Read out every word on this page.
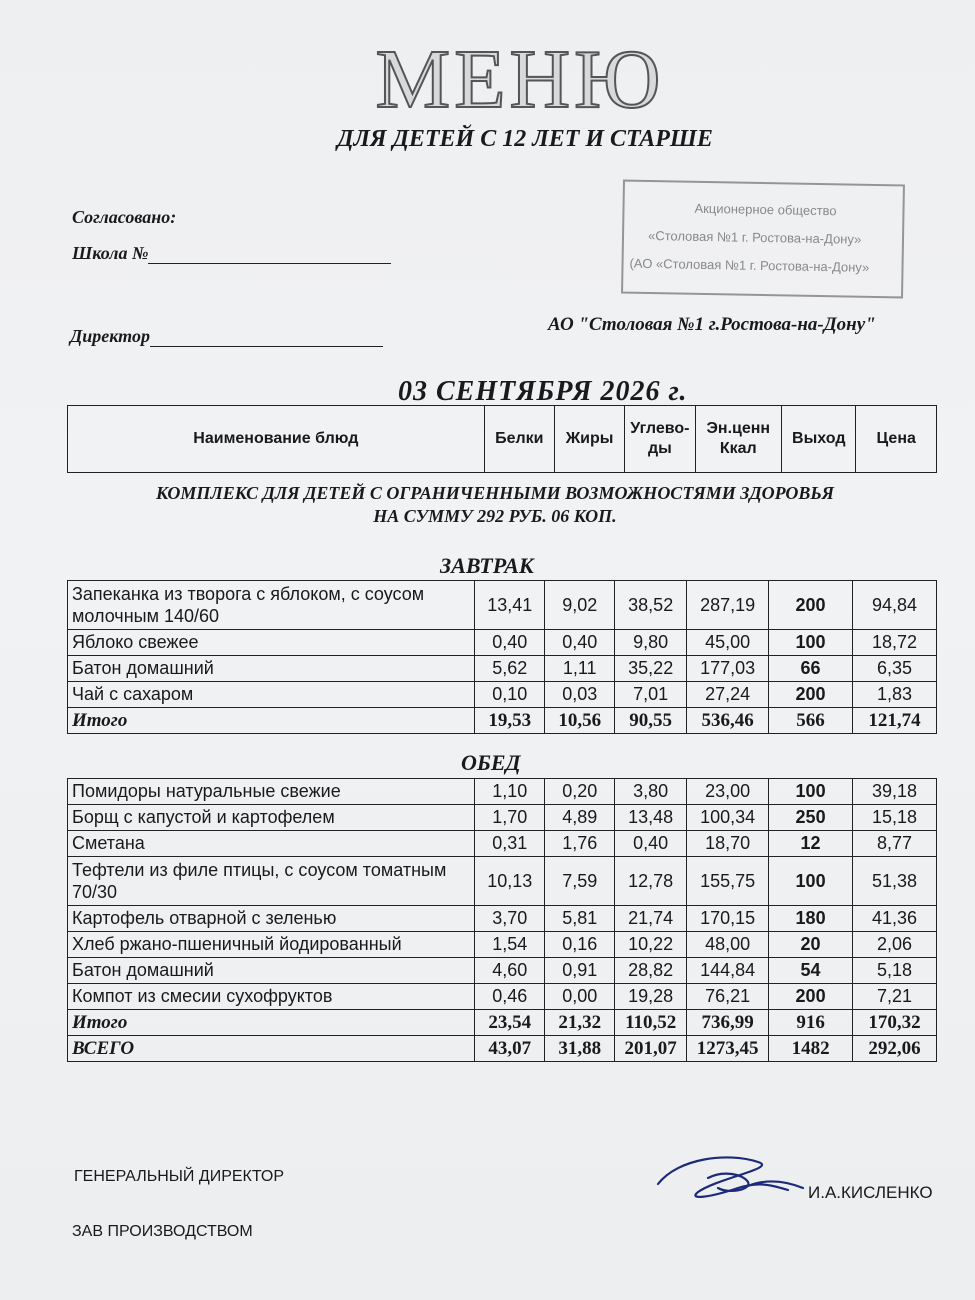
МЕНЮ
ДЛЯ ДЕТЕЙ С 12 ЛЕТ И СТАРШЕ
Согласовано:
Школа №
Директор
Акционерное общество
«Столовая №1 г. Ростова-на-Дону»
(АО «Столовая №1 г. Ростова-на-Дону»
АО "Столовая №1 г.Ростова-на-Дону"
03 СЕНТЯБРЯ 2026 г.
Наименование блюд	Белки	Жиры	Углево-ды	Эн.ценн Ккал	Выход	Цена
КОМПЛЕКС ДЛЯ ДЕТЕЙ С ОГРАНИЧЕННЫМИ ВОЗМОЖНОСТЯМИ ЗДОРОВЬЯ
НА СУММУ 292 РУБ. 06 КОП.
ЗАВТРАК
Запеканка из творога с яблоком, с соусом молочным 140/60	13,41	9,02	38,52	287,19	200	94,84
Яблоко свежее	0,40	0,40	9,80	45,00	100	18,72
Батон домашний	5,62	1,11	35,22	177,03	66	6,35
Чай с сахаром	0,10	0,03	7,01	27,24	200	1,83
Итого	19,53	10,56	90,55	536,46	566	121,74
ОБЕД
Помидоры натуральные свежие	1,10	0,20	3,80	23,00	100	39,18
Борщ с капустой и картофелем	1,70	4,89	13,48	100,34	250	15,18
Сметана	0,31	1,76	0,40	18,70	12	8,77
Тефтели из филе птицы, с соусом томатным 70/30	10,13	7,59	12,78	155,75	100	51,38
Картофель отварной с зеленью	3,70	5,81	21,74	170,15	180	41,36
Хлеб ржано-пшеничный йодированный	1,54	0,16	10,22	48,00	20	2,06
Батон домашний	4,60	0,91	28,82	144,84	54	5,18
Компот из смесии сухофруктов	0,46	0,00	19,28	76,21	200	7,21
Итого	23,54	21,32	110,52	736,99	916	170,32
ВСЕГО	43,07	31,88	201,07	1273,45	1482	292,06
ГЕНЕРАЛЬНЫЙ ДИРЕКТОР
И.А.КИСЛЕНКО
ЗАВ ПРОИЗВОДСТВОМ
